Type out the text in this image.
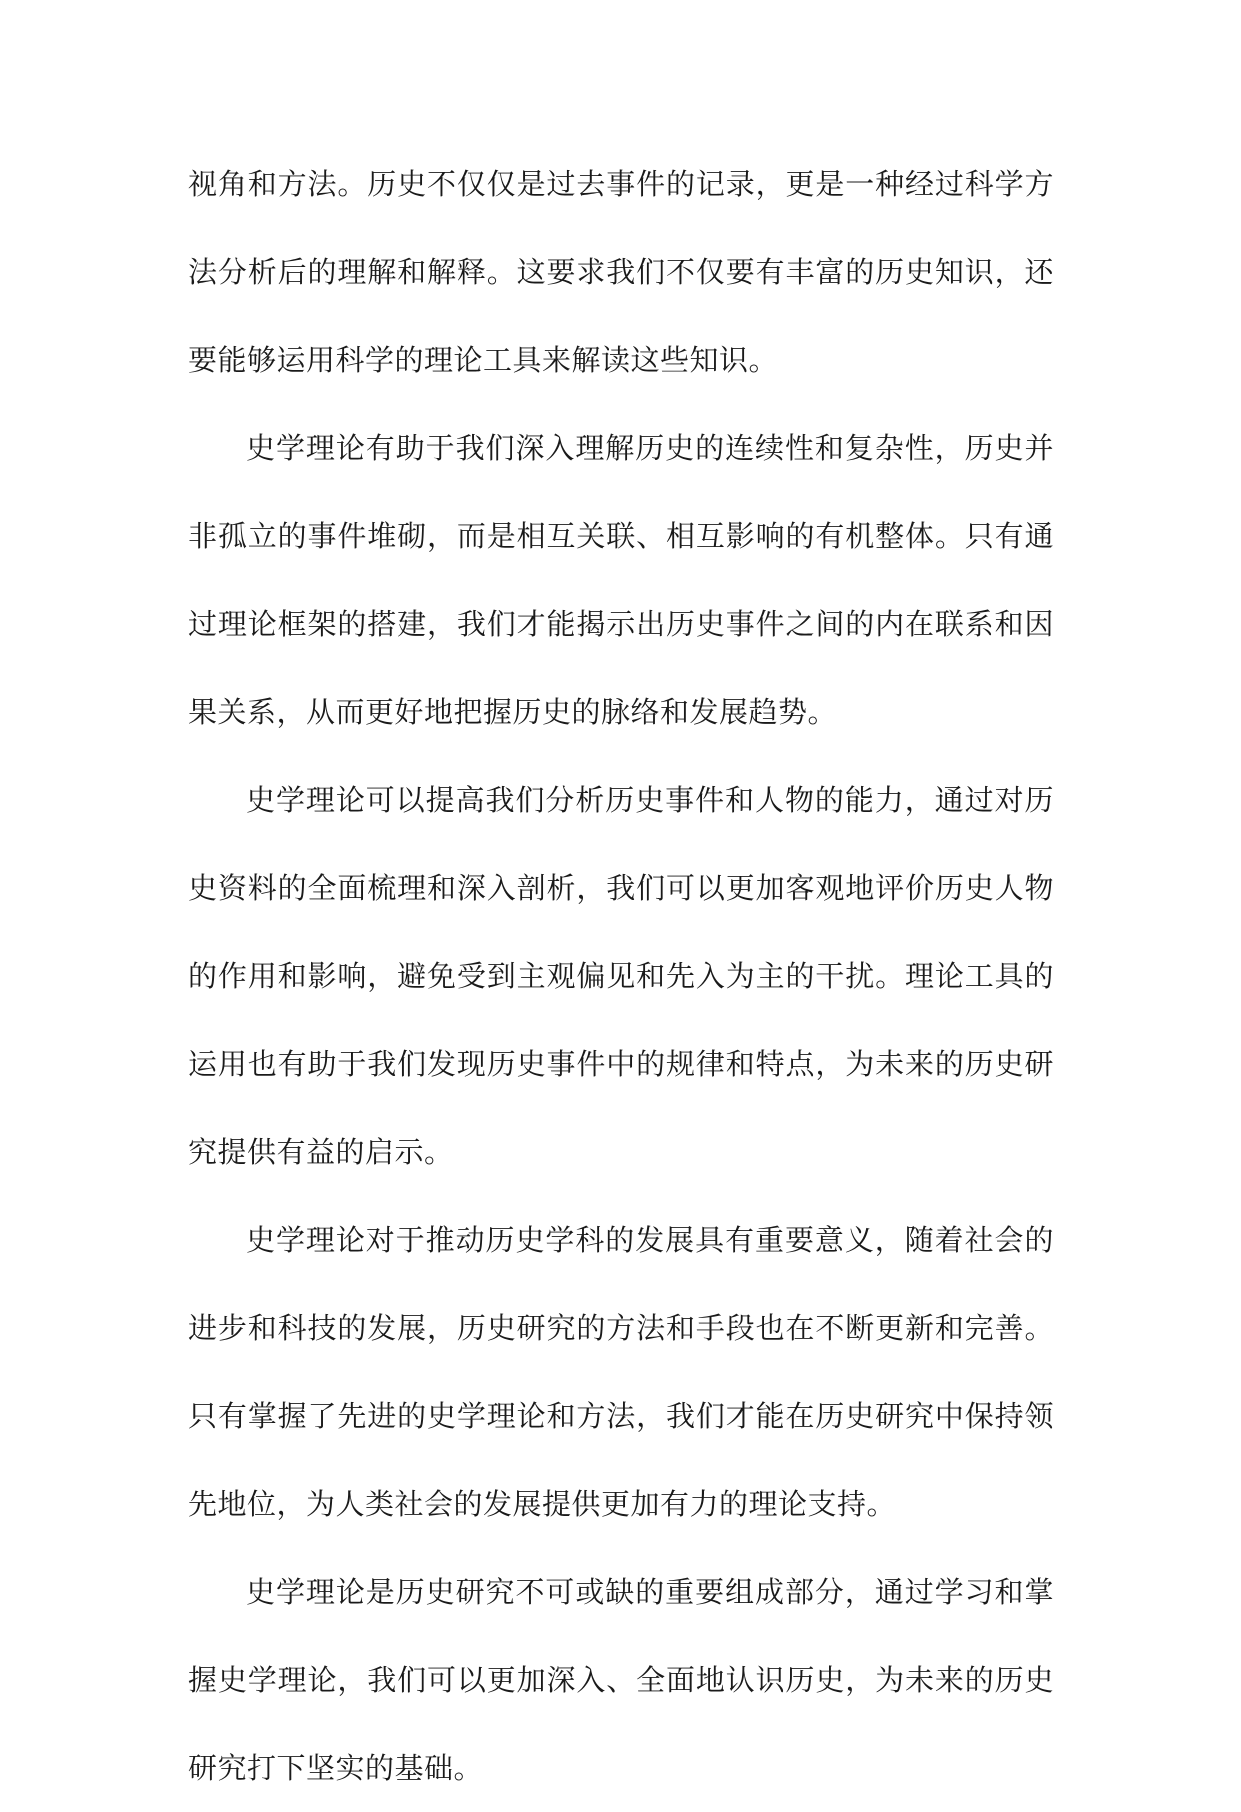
视角和方法。历史不仅仅是过去事件的记录，更是一种经过科学方法分析后的理解和解释。这要求我们不仅要有丰富的历史知识，还要能够运用科学的理论工具来解读这些知识。

史学理论有助于我们深入理解历史的连续性和复杂性，历史并非孤立的事件堆砌，而是相互关联、相互影响的有机整体。只有通过理论框架的搭建，我们才能揭示出历史事件之间的内在联系和因果关系，从而更好地把握历史的脉络和发展趋势。

史学理论可以提高我们分析历史事件和人物的能力，通过对历史资料的全面梳理和深入剖析，我们可以更加客观地评价历史人物的作用和影响，避免受到主观偏见和先入为主的干扰。理论工具的运用也有助于我们发现历史事件中的规律和特点，为未来的历史研究提供有益的启示。

史学理论对于推动历史学科的发展具有重要意义，随着社会的进步和科技的发展，历史研究的方法和手段也在不断更新和完善。只有掌握了先进的史学理论和方法，我们才能在历史研究中保持领先地位，为人类社会的发展提供更加有力的理论支持。

史学理论是历史研究不可或缺的重要组成部分，通过学习和掌握史学理论，我们可以更加深入、全面地认识历史，为未来的历史研究打下坚实的基础。
